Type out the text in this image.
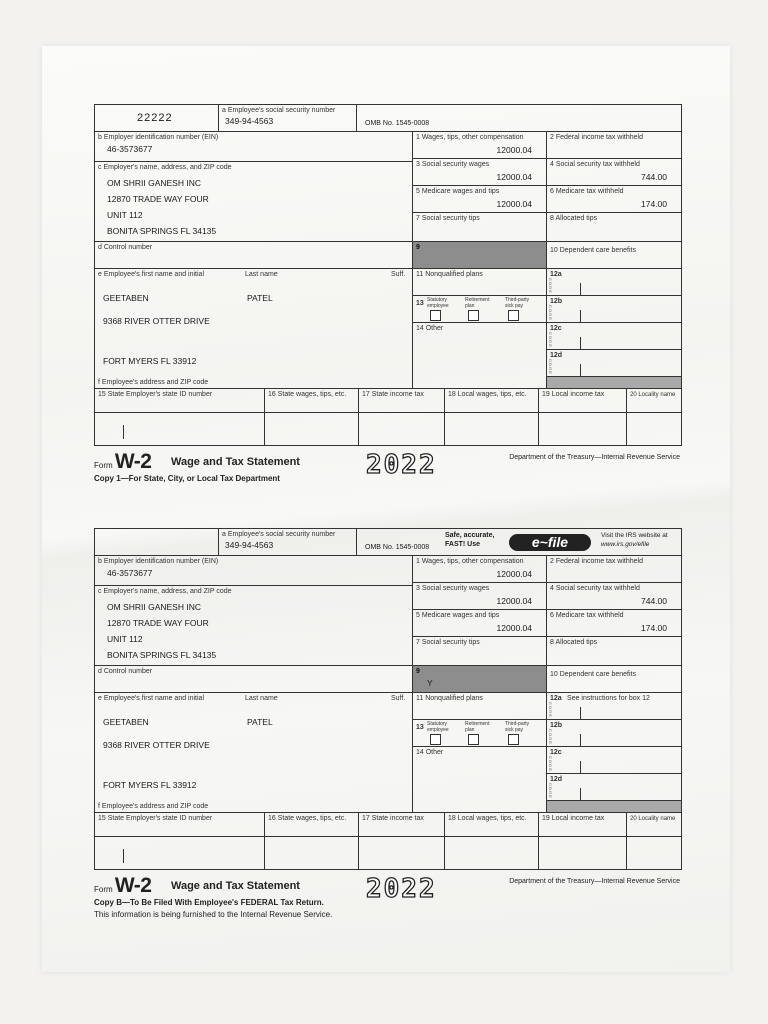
22222
a Employee's social security number
349-94-4563	OMB No. 1545-0008
b Employer identification number (EIN)
46-3573677
c Employer's name, address, and ZIP code
OM SHRII GANESH INC
12870 TRADE WAY FOUR
UNIT 112
BONITA SPRINGS FL 34135
d Control number
e Employee's first name and initial	Last name	Suff.
GEETABEN	PATEL
9368 RIVER OTTER DRIVE
FORT MYERS FL 33912
f Employee's address and ZIP code
1 Wages, tips, other compensation
12000.04
3 Social security wages
12000.04
5 Medicare wages and tips
12000.04
7 Social security tips
9
11 Nonqualified plans
13 Statutory employee
Retirement plan
Third-party sick pay
14 Other
2 Federal income tax withheld
4 Social security tax withheld
744.00
6 Medicare tax withheld
174.00
8 Allocated tips
10 Dependent care benefits
12a
C O D E
12b
C O D E
12c
C O D E
12d
C O D E
15 State Employer's state ID number	16 State wages, tips, etc. 17 State income tax	18 Local wages, tips, etc. 19 Local income tax	20 Locality name
Form W-2 Wage and Tax Statement	2022	Department of the Treasury—Internal Revenue Service
Copy 1—For State, City, or Local Tax Department
a Employee's social security number
349-94-4563	OMB No. 1545-0008
Safe, accurate,
FAST! Use	e~file	Visit the IRS website at
www.irs.gov/efile
b Employer identification number (EIN)
46-3573677
c Employer's name, address, and ZIP code
OM SHRII GANESH INC
12870 TRADE WAY FOUR
UNIT 112
BONITA SPRINGS FL 34135
d Control number
e Employee's first name and initial	Last name	Suff.
GEETABEN	PATEL
9368 RIVER OTTER DRIVE
FORT MYERS FL 33912
f Employee's address and ZIP code
1 Wages, tips, other compensation
12000.04
3 Social security wages
12000.04
5 Medicare wages and tips
12000.04
7 Social security tips
9
Y
11 Nonqualified plans
13 Statutory employee
Retirement plan
Third-party sick pay
14 Other
2 Federal income tax withheld
4 Social security tax withheld
744.00
6 Medicare tax withheld
174.00
8 Allocated tips
10 Dependent care benefits
12a See instructions for box 12
C O D E
12b
C O D E
12c
C O D E
12d
C O D E
15 State Employer's state ID number	16 State wages, tips, etc. 17 State income tax	18 Local wages, tips, etc. 19 Local income tax	20 Locality name
Form W-2 Wage and Tax Statement	2022	Department of the Treasury—Internal Revenue Service
Copy B—To Be Filed With Employee's FEDERAL Tax Return.
This information is being furnished to the Internal Revenue Service.
